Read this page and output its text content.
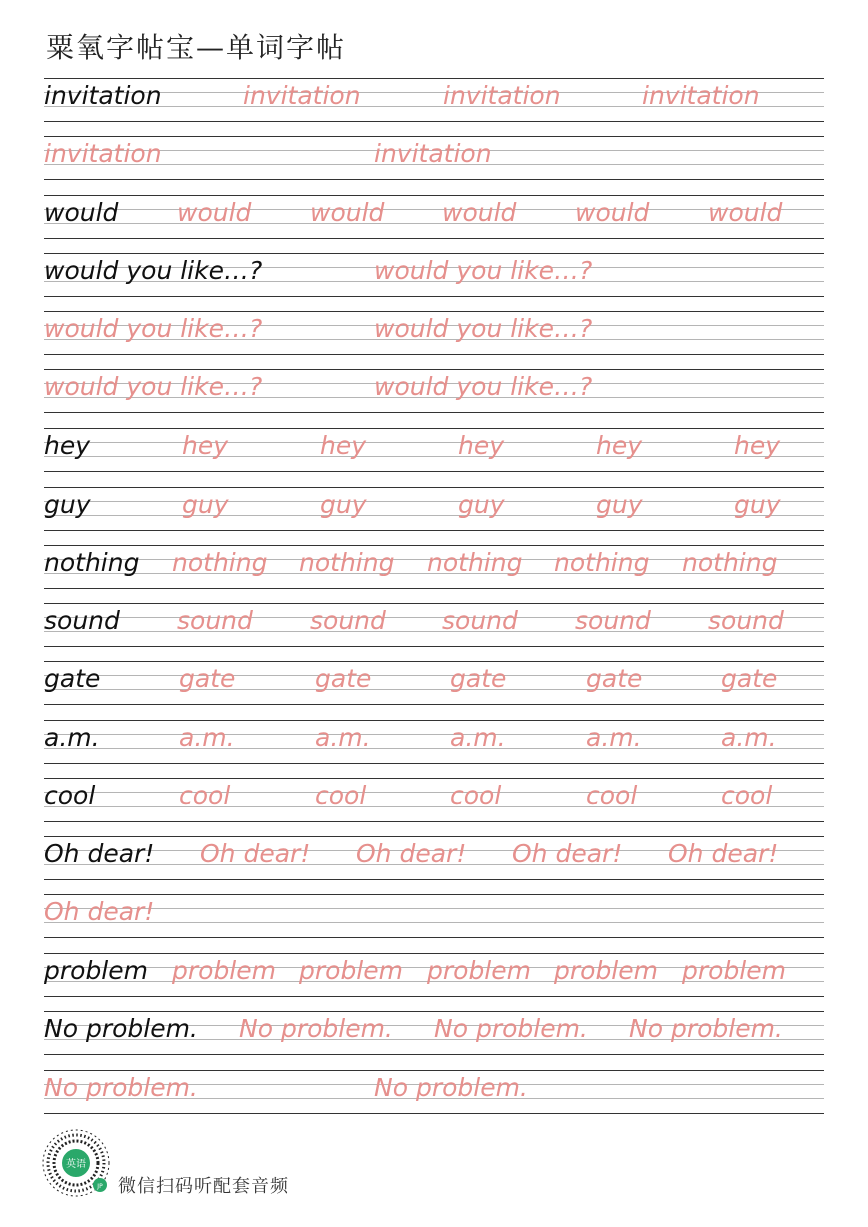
粟氧字帖宝—单词字帖
invitation	invitation	invitation	invitation
invitation	invitation
would would would would would would
would you like…?	would you like…?
would you like…?	would you like…?
would you like…?	would you like…?
hey	hey	hey	hey	hey	hey
guy	guy	guy	guy	guy	guy
nothing nothing nothing nothing nothing nothing
sound sound sound sound sound sound
gate	gate	gate	gate	gate	gate
a.m.	a.m.	a.m.	a.m.	a.m.	a.m.
cool	cool	cool	cool	cool	cool
Oh dear! Oh dear! Oh dear! Oh dear! Oh dear!
Oh dear!
problem problem problem problem problem problem
No problem. No problem. No problem. No problem.
No problem.	No problem.
英语
JP 微信扫码听配套音频
